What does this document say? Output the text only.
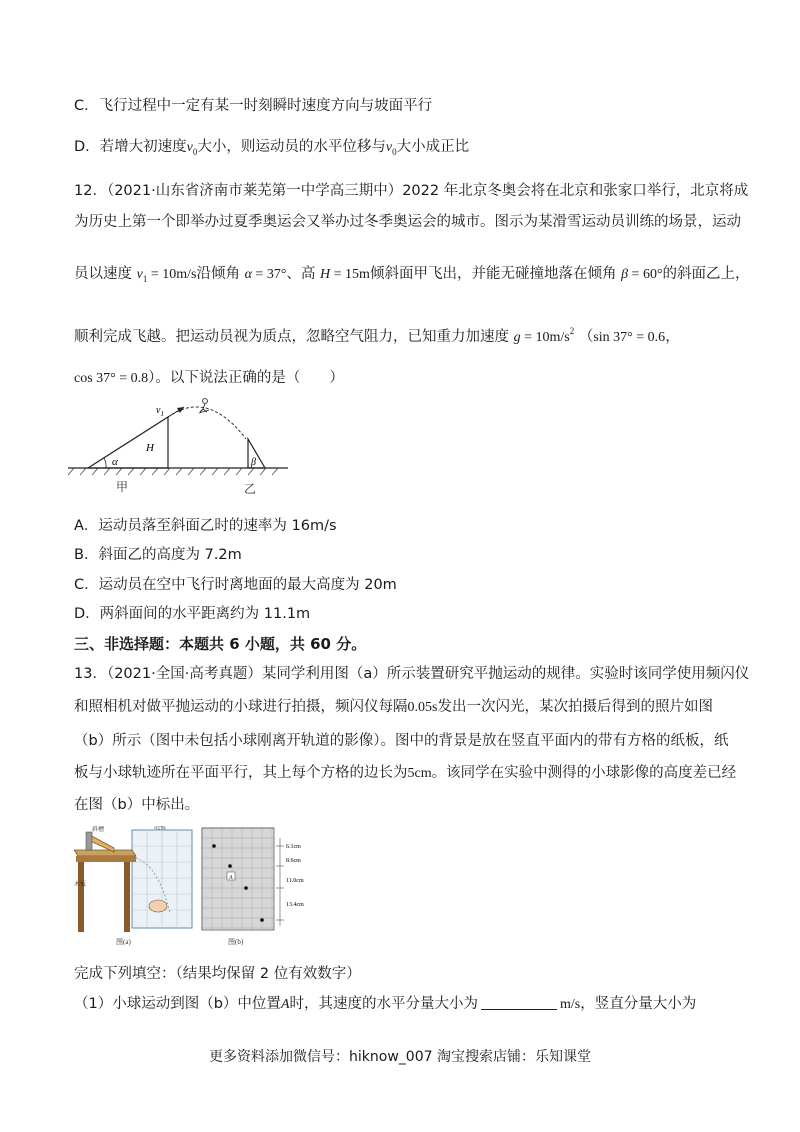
C．飞行过程中一定有某一时刻瞬时速度方向与坡面平行
D．若增大初速度$v_0$大小，则运动员的水平位移与$v_0$大小成正比
12．（2021·山东省济南市莱芜第一中学高三期中）2022 年北京冬奥会将在北京和张家口举行，北京将成
为历史上第一个即举办过夏季奥运会又举办过冬季奥运会的城市。图示为某滑雪运动员训练的场景，运动
员以速度 $v_1 = 10m/s$沿倾角 α = 37°、高 H = 15m倾斜面甲飞出，并能无碰撞地落在倾角 β = 60°的斜面乙上，
顺利完成飞越。把运动员视为质点，忽略空气阻力，已知重力加速度 $g = 10m/s^2$ （sin 37° = 0.6，
cos 37° = 0.8）。以下说法正确的是（　　）
α
H
$v_1$
β
甲	乙
A．运动员落至斜面乙时的速率为 16m/s
B．斜面乙的高度为 7.2m
C．运动员在空中飞行时离地面的最大高度为 20m
D．两斜面间的水平距离约为 11.1m
三、非选择题：本题共 6 小题，共 60 分。
13．（2021·全国·高考真题）某同学利用图（a）所示装置研究平抛运动的规律。实验时该同学使用频闪仪
和照相机对做平抛运动的小球进行拍摄，频闪仪每隔0.05s发出一次闪光，某次拍摄后得到的照片如图
（b）所示（图中未包括小球刚离开轨道的影像）。图中的背景是放在竖直平面内的带有方格的纸板，纸
板与小球轨迹所在平面平行，其上每个方格的边长为5cm。该同学在实验中测得的小球影像的高度差已经
在图（b）中标出。
斜槽	纸板
木板
图(a)
A
6.1cm
8.6cm
11.0cm
13.4cm
图(b)
完成下列填空：（结果均保留 2 位有效数字）
（1）小球运动到图（b）中位置A时，其速度的水平分量大小为	m/s，竖直分量大小为
更多资料添加微信号：hiknow_007 淘宝搜索店铺：乐知课堂
